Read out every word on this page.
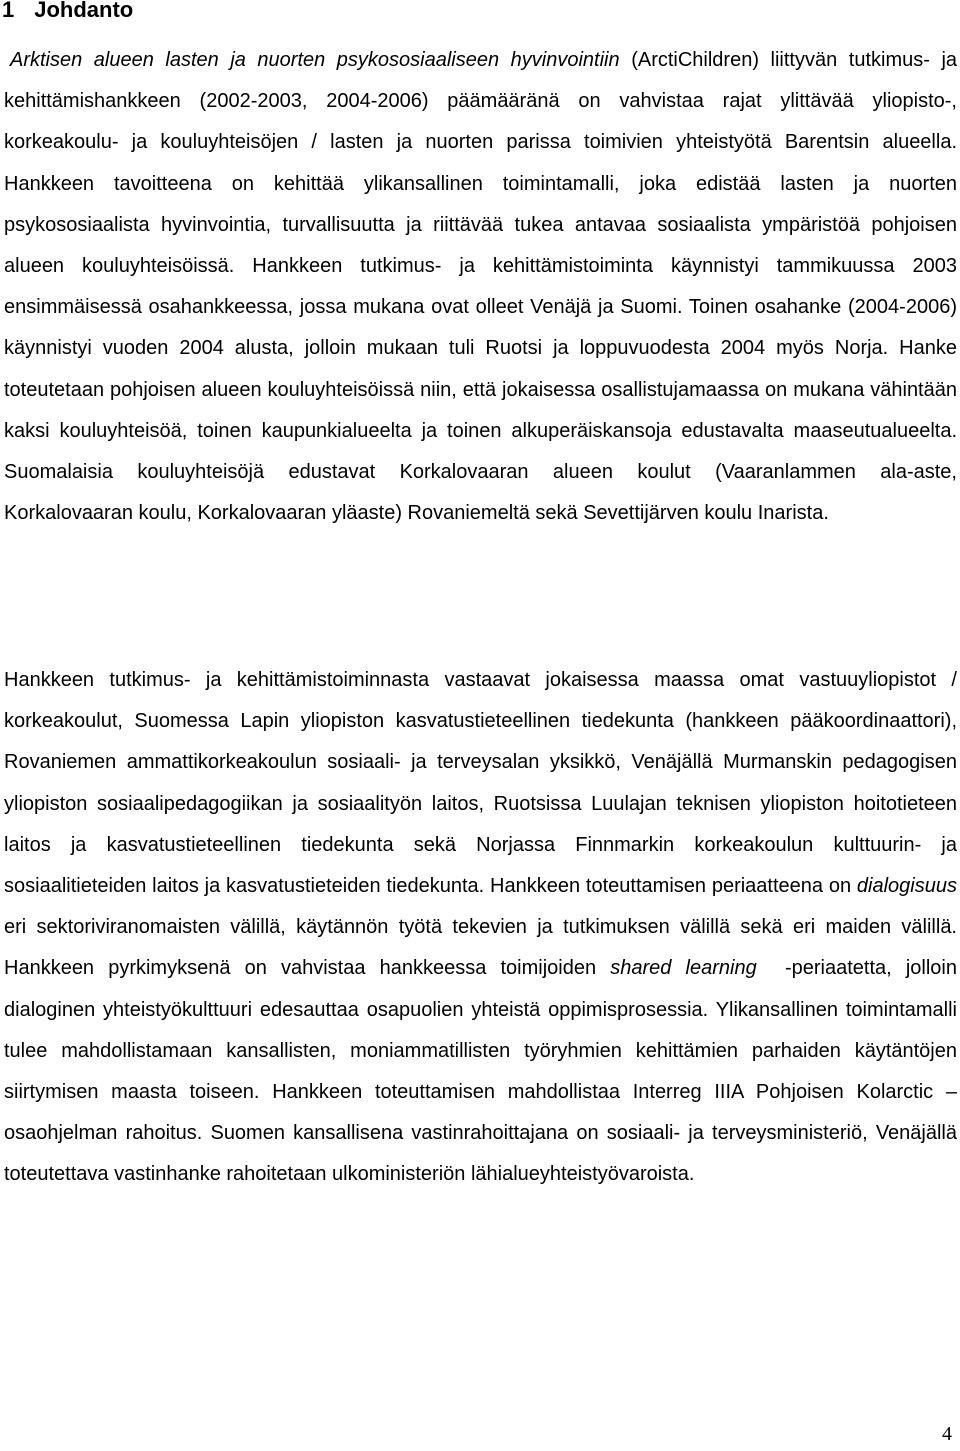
1 Johdanto

Arktisen alueen lasten ja nuorten psykososiaaliseen hyvinvointiin (ArctiChildren) liittyvän tutkimus- ja kehittämishankkeen (2002-2003, 2004-2006) päämääränä on vahvistaa rajat ylittävää yliopisto-, korkeakoulu- ja kouluyhteisöjen / lasten ja nuorten parissa toimivien yhteistyötä Barentsin alueella. Hankkeen tavoitteena on kehittää ylikansallinen toimintamalli, joka edistää lasten ja nuorten psykososiaalista hyvinvointia, turvallisuutta ja riittävää tukea antavaa sosiaalista ympäristöä pohjoisen alueen kouluyhteisöissä. Hankkeen tutkimus- ja kehittämistoiminta käynnistyi tammikuussa 2003 ensimmäisessä osahankkeessa, jossa mukana ovat olleet Venäjä ja Suomi. Toinen osahanke (2004-2006) käynnistyi vuoden 2004 alusta, jolloin mukaan tuli Ruotsi ja loppuvuodesta 2004 myös Norja. Hanke toteutetaan pohjoisen alueen kouluyhteisöissä niin, että jokaisessa osallistujamaassa on mukana vähintään kaksi kouluyhteisöä, toinen kaupunkialueelta ja toinen alkuperäiskansoja edustavalta maaseutualueelta. Suomalaisia kouluyhteisöjä edustavat Korkalovaaran alueen koulut (Vaaranlammen ala-aste, Korkalovaaran koulu, Korkalovaaran yläaste) Rovaniemeltä sekä Sevettijärven koulu Inarista.

Hankkeen tutkimus- ja kehittämistoiminnasta vastaavat jokaisessa maassa omat vastuuyliopistot / korkeakoulut, Suomessa Lapin yliopiston kasvatustieteellinen tiedekunta (hankkeen pääkoordinaattori), Rovaniemen ammattikorkeakoulun sosiaali- ja terveysalan yksikkö, Venäjällä Murmanskin pedagogisen yliopiston sosiaalipedagogiikan ja sosiaalityön laitos, Ruotsissa Luulajan teknisen yliopiston hoitotieteen laitos ja kasvatustieteellinen tiedekunta sekä Norjassa Finnmarkin korkeakoulun kulttuurin- ja sosiaalitieteiden laitos ja kasvatustieteiden tiedekunta. Hankkeen toteuttamisen periaatteena on dialogisuus eri sektoriviranomaisten välillä, käytännön työtä tekevien ja tutkimuksen välillä sekä eri maiden välillä. Hankkeen pyrkimyksenä on vahvistaa hankkeessa toimijoiden shared learning -periaatetta, jolloin dialoginen yhteistyökulttuuri edesauttaa osapuolien yhteistä oppimisprosessia. Ylikansallinen toimintamalli tulee mahdollistamaan kansallisten, moniammatillisten työryhmien kehittämien parhaiden käytäntöjen siirtymisen maasta toiseen. Hankkeen toteuttamisen mahdollistaa Interreg IIIA Pohjoisen Kolarctic –osaohjelman rahoitus. Suomen kansallisena vastinrahoittajana on sosiaali- ja terveysministeriö, Venäjällä toteutettava vastinhanke rahoitetaan ulkoministeriön lähialueyhteistyövaroista.

4
